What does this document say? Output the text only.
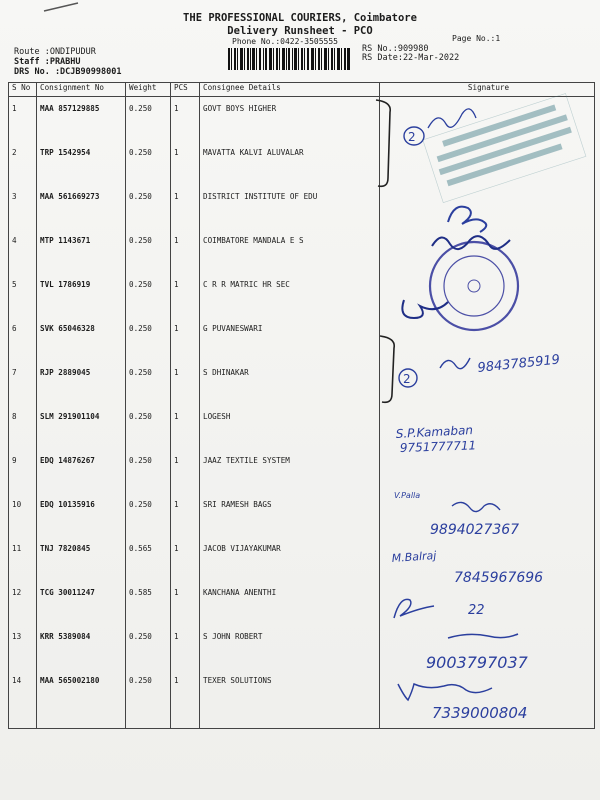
THE PROFESSIONAL COURIERS, Coimbatore
Delivery Runsheet - PCO
Phone No.:0422-3505555	Page No.:1
Route :ONDIPUDUR
Staff :PRABHU
DRS No. :DCJB90998001
RS No.:909980
RS Date:22-Mar-2022
S No	Consignment No	Weight	PCS	Consignee Details	Signature
1	MAA 857129885	0.250	1	GOVT BOYS HIGHER	
2	TRP 1542954	0.250	1	MAVATTA KALVI ALUVALAR	
3	MAA 561669273	0.250	1	DISTRICT INSTITUTE OF EDU	
4	MTP 1143671	0.250	1	COIMBATORE MANDALA E S	
5	TVL 1786919	0.250	1	C R R MATRIC HR SEC	
6	SVK 65046328	0.250	1	G PUVANESWARI	
7	RJP 2889045	0.250	1	S DHINAKAR	
8	SLM 291901104	0.250	1	LOGESH	
9	EDQ 14876267	0.250	1	JAAZ TEXTILE SYSTEM	
10	EDQ 10135916	0.250	1	SRI RAMESH BAGS	
11	TNJ 7820845	0.565	1	JACOB VIJAYAKUMAR	
12	TCG 30011247	0.585	1	KANCHANA ANENTHI	
13	KRR 5389084	0.250	1	S JOHN ROBERT	
14	MAA 565002180	0.250	1	TEXER SOLUTIONS	
2
2
9843785919
S.P.Kamaban
9751777711
V.Palla
9894027367
M.Balraj
7845967696
22
9003797037
7339000804
